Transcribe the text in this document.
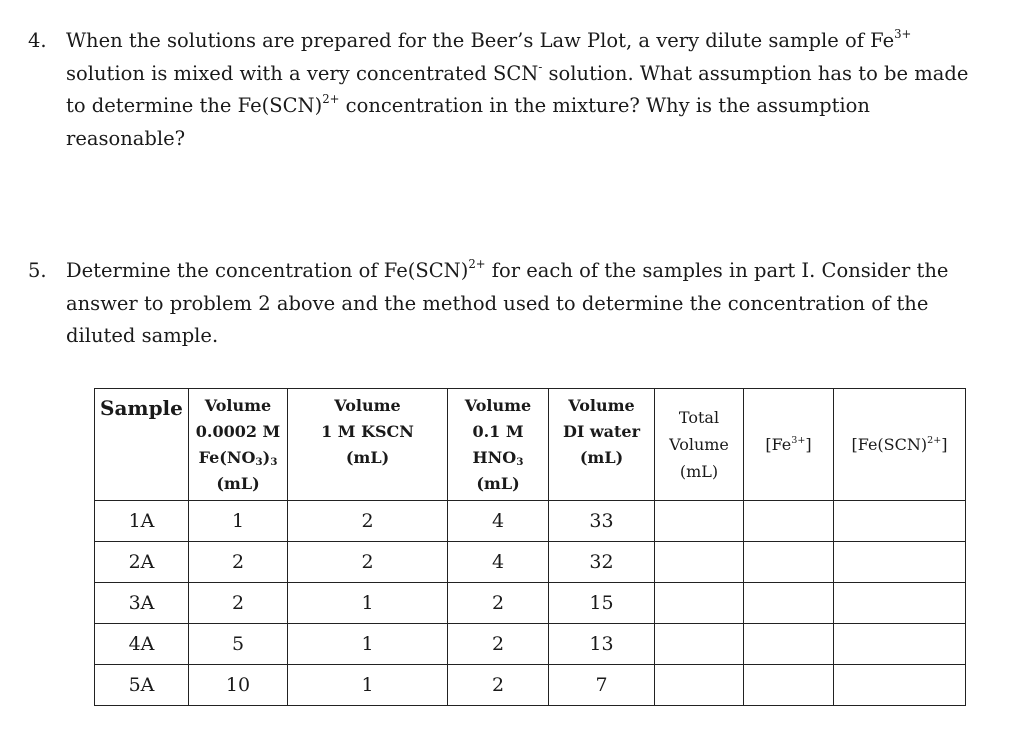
4. When the solutions are prepared for the Beer’s Law Plot, a very dilute sample of $Fe^{3+}$ solution is mixed with a very concentrated SCN- solution. What assumption has to be made to determine the Fe(SCN)$^{2+}$ concentration in the mixture? Why is the assumption reasonable?
5. Determine the concentration of Fe(SCN)$^{2+}$ for each of the samples in part I. Consider the answer to problem 2 above and the method used to determine the concentration of the diluted sample.
Sample	Volume
0.0002 M
$Fe(NO_3)_3$
(mL)	Volume
1 M KSCN
(mL)	Volume
0.1 M
$HNO_3$
(mL)	Volume
DI water
(mL)	Total
Volume
(mL)	$[Fe^{3+}]$	[Fe(SCN)$^{2+}$]
1A	1	2	4	33			
2A	2	2	4	32			
3A	2	1	2	15			
4A	5	1	2	13			
5A	10	1	2	7			
